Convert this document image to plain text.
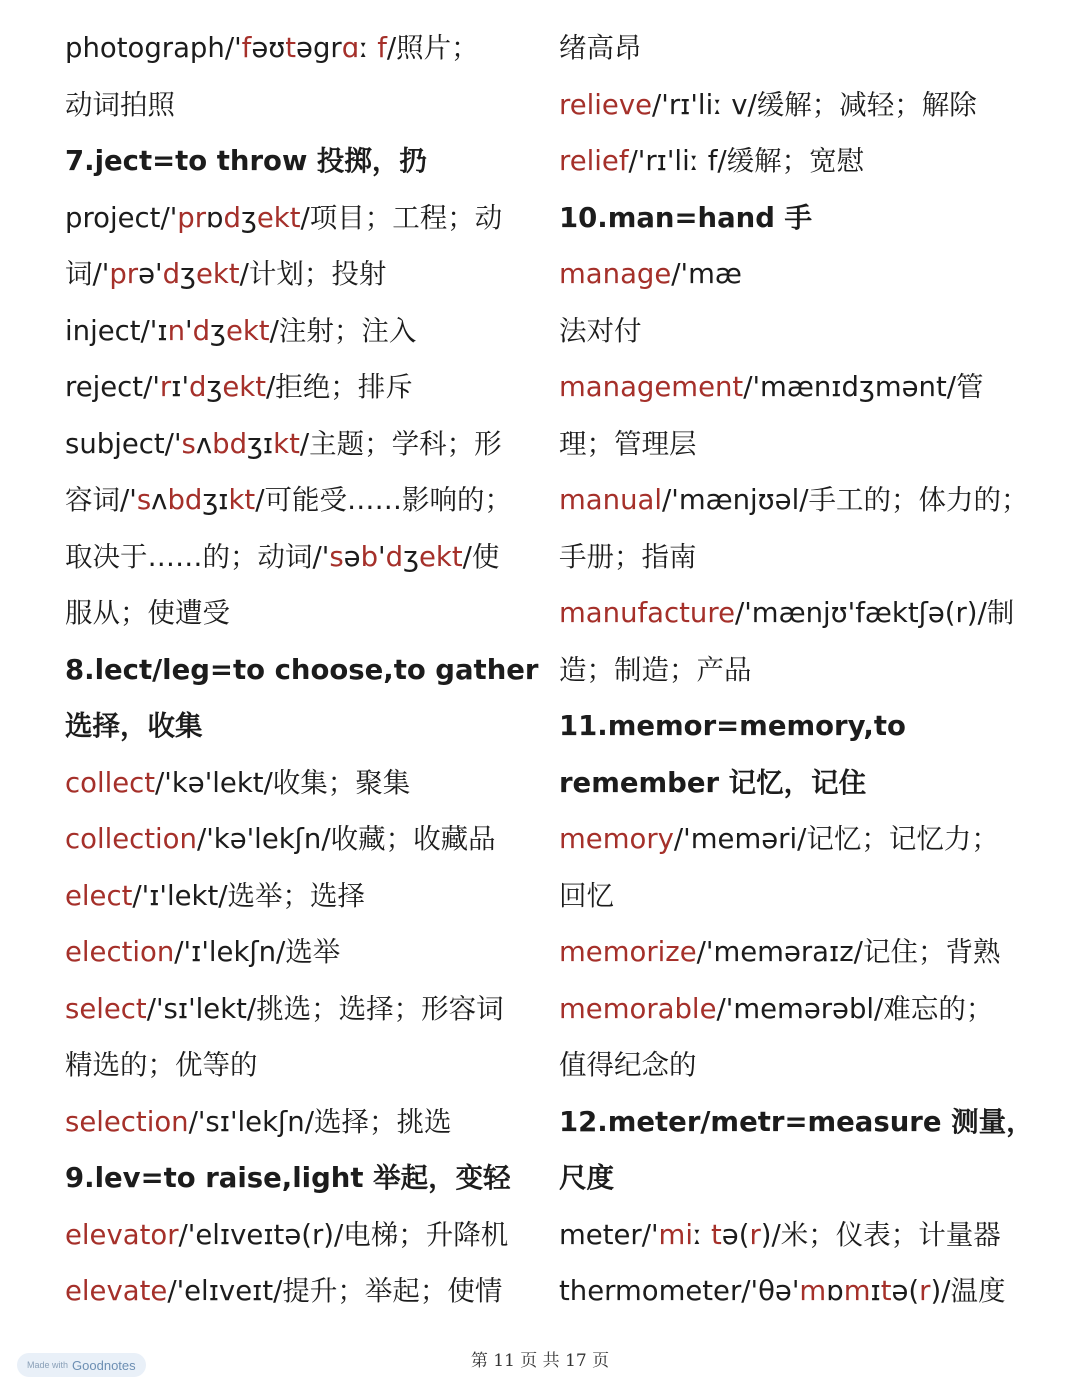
photograph/'fəʊtəgrɑː f/照片；
动词拍照
7.ject=to throw 投掷，扔
project/'prɒdʒekt/项目；工程；动
词/'prə'dʒekt/计划；投射
inject/'ɪn'dʒekt/注射；注入
reject/'rɪ'dʒekt/拒绝；排斥
subject/'sʌbdʒɪkt/主题；学科；形
容词/'sʌbdʒɪkt/可能受……影响的；
取决于……的；动词/'səb'dʒekt/使
服从；使遭受
8.lect/leg=to choose,to gather
选择，收集
collect/'kə'lekt/收集；聚集
collection/'kə'lekʃn/收藏；收藏品
elect/'ɪ'lekt/选举；选择
election/'ɪ'lekʃn/选举
select/'sɪ'lekt/挑选；选择；形容词
精选的；优等的
selection/'sɪ'lekʃn/选择；挑选
9.lev=to raise,light 举起，变轻
elevator/'elɪveɪtə(r)/电梯；升降机
elevate/'elɪveɪt/提升；举起；使情
绪高昂
relieve/'rɪ'liː v/缓解；减轻；解除
relief/'rɪ'liː f/缓解；宽慰
10.man=hand 手
manage/'mæ
法对付
management/'mænɪdʒmənt/管
理；管理层
manual/'mænjʊəl/手工的；体力的；
手册；指南
manufacture/'mænjʊ'fæktʃə(r)/制
造；制造；产品
11.memor=memory,to
remember 记忆，记住
memory/'meməri/记忆；记忆力；
回忆
memorize/'meməraɪz/记住；背熟
memorable/'memərəbl/难忘的；
值得纪念的
12.meter/metr=measure 测量，
尺度
meter/'miː tə(r)/米；仪表；计量器
thermometer/'θə'mɒmɪtə(r)/温度
第 11 页 共 17 页
Made with Goodnotes
